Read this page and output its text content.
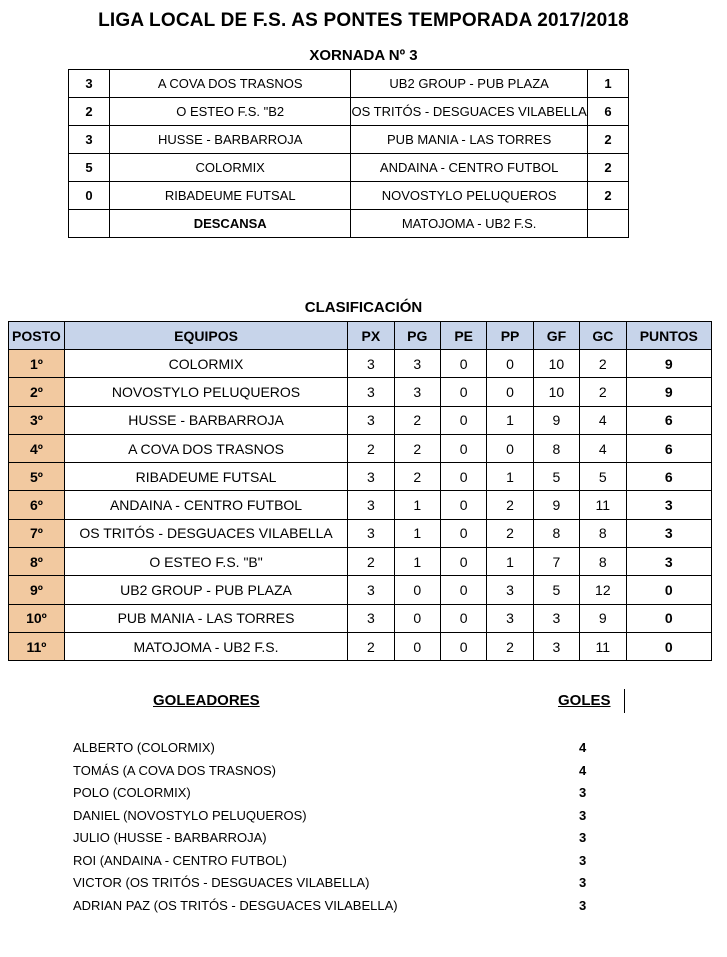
LIGA LOCAL DE F.S. AS PONTES TEMPORADA 2017/2018
XORNADA Nº 3
3	A COVA DOS TRASNOS	UB2 GROUP - PUB PLAZA	1
2	O ESTEO F.S. "B2	OS TRITÓS - DESGUACES VILABELLA	6
3	HUSSE - BARBARROJA	PUB MANIA - LAS TORRES	2
5	COLORMIX	ANDAINA - CENTRO FUTBOL	2
0	RIBADEUME FUTSAL	NOVOSTYLO PELUQUEROS	2
	DESCANSA	MATOJOMA - UB2 F.S.	
CLASIFICACIÓN
POSTO	EQUIPOS	PX	PG	PE	PP	GF	GC	PUNTOS
1º	COLORMIX	3	3	0	0	10	2	9
2º	NOVOSTYLO PELUQUEROS	3	3	0	0	10	2	9
3º	HUSSE - BARBARROJA	3	2	0	1	9	4	6
4º	A COVA DOS TRASNOS	2	2	0	0	8	4	6
5º	RIBADEUME FUTSAL	3	2	0	1	5	5	6
6º	ANDAINA - CENTRO FUTBOL	3	1	0	2	9	11	3
7º	OS TRITÓS - DESGUACES VILABELLA	3	1	0	2	8	8	3
8º	O ESTEO F.S. "B"	2	1	0	1	7	8	3
9º	UB2 GROUP - PUB PLAZA	3	0	0	3	5	12	0
10º	PUB MANIA - LAS TORRES	3	0	0	3	3	9	0
11º	MATOJOMA - UB2 F.S.	2	0	0	2	3	11	0
GOLEADORES	GOLES
ALBERTO (COLORMIX)	4
TOMÁS (A COVA DOS TRASNOS)	4
POLO (COLORMIX)	3
DANIEL (NOVOSTYLO PELUQUEROS)	3
JULIO (HUSSE - BARBARROJA)	3
ROI (ANDAINA - CENTRO FUTBOL)	3
VICTOR (OS TRITÓS - DESGUACES VILABELLA)	3
ADRIAN PAZ (OS TRITÓS - DESGUACES VILABELLA)	3
